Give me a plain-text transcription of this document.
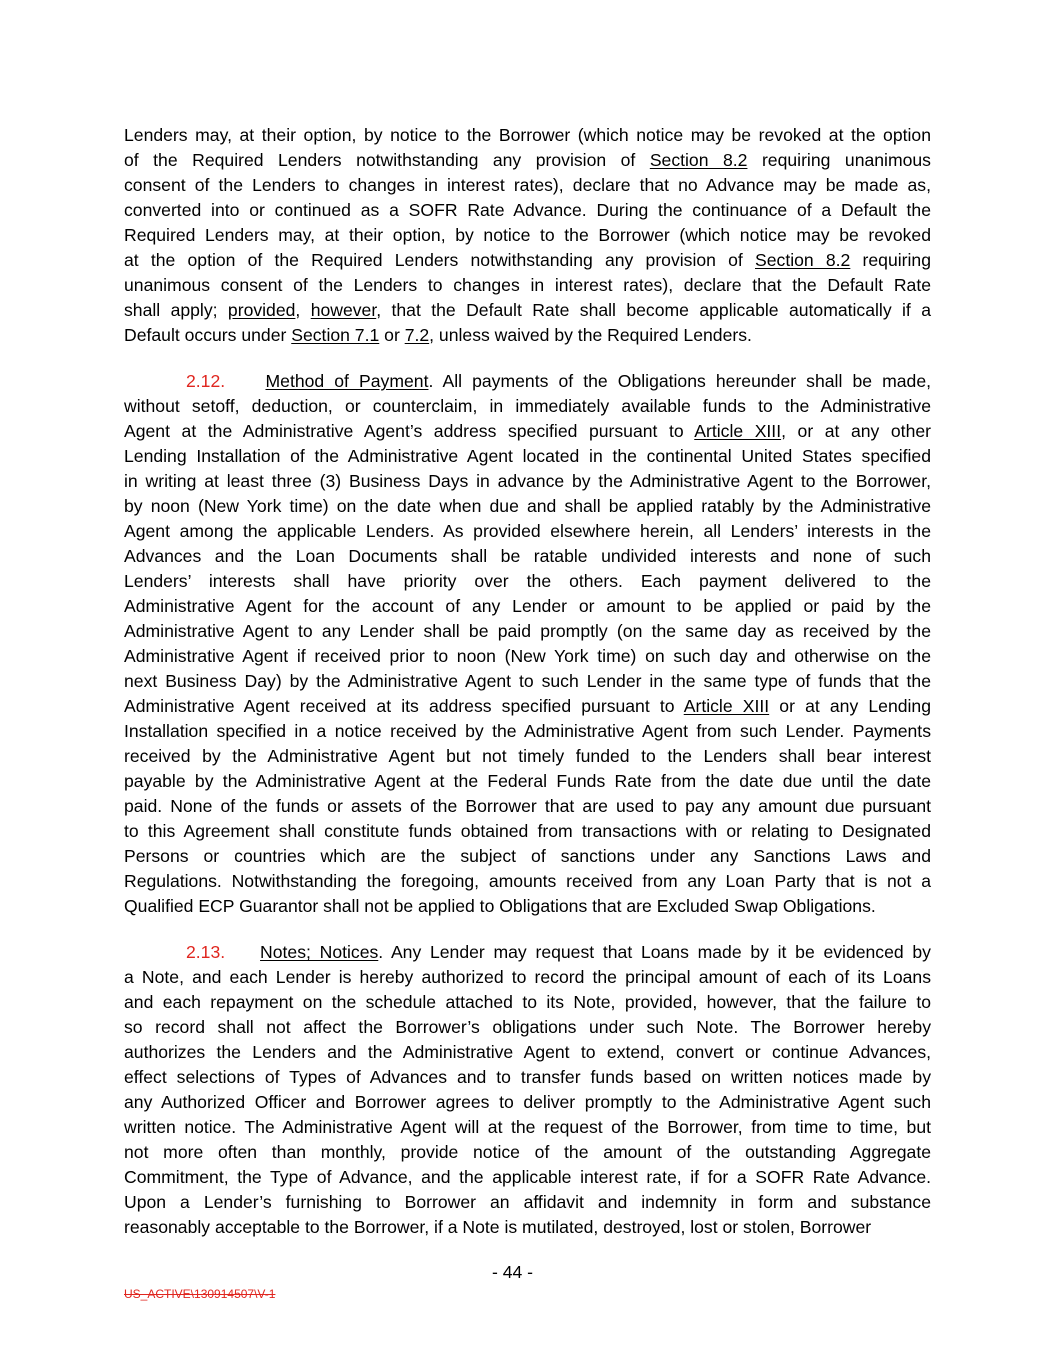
Lenders may, at their option, by notice to the Borrower (which notice may be revoked at the option
of the Required Lenders notwithstanding any provision of Section 8.2 requiring unanimous
consent of the Lenders to changes in interest rates), declare that no Advance may be made as,
converted into or continued as a SOFR Rate Advance. During the continuance of a Default the
Required Lenders may, at their option, by notice to the Borrower (which notice may be revoked
at the option of the Required Lenders notwithstanding any provision of Section 8.2 requiring
unanimous consent of the Lenders to changes in interest rates), declare that the Default Rate
shall apply; provided, however, that the Default Rate shall become applicable automatically if a
Default occurs under Section 7.1 or 7.2, unless waived by the Required Lenders.
2.12. Method of Payment. All payments of the Obligations hereunder shall be made,
without setoff, deduction, or counterclaim, in immediately available funds to the Administrative
Agent at the Administrative Agent’s address specified pursuant to Article XIII, or at any other
Lending Installation of the Administrative Agent located in the continental United States specified
in writing at least three (3) Business Days in advance by the Administrative Agent to the Borrower,
by noon (New York time) on the date when due and shall be applied ratably by the Administrative
Agent among the applicable Lenders. As provided elsewhere herein, all Lenders’ interests in the
Advances and the Loan Documents shall be ratable undivided interests and none of such
Lenders’ interests shall have priority over the others. Each payment delivered to the
Administrative Agent for the account of any Lender or amount to be applied or paid by the
Administrative Agent to any Lender shall be paid promptly (on the same day as received by the
Administrative Agent if received prior to noon (New York time) on such day and otherwise on the
next Business Day) by the Administrative Agent to such Lender in the same type of funds that the
Administrative Agent received at its address specified pursuant to Article XIII or at any Lending
Installation specified in a notice received by the Administrative Agent from such Lender. Payments
received by the Administrative Agent but not timely funded to the Lenders shall bear interest
payable by the Administrative Agent at the Federal Funds Rate from the date due until the date
paid. None of the funds or assets of the Borrower that are used to pay any amount due pursuant
to this Agreement shall constitute funds obtained from transactions with or relating to Designated
Persons or countries which are the subject of sanctions under any Sanctions Laws and
Regulations. Notwithstanding the foregoing, amounts received from any Loan Party that is not a
Qualified ECP Guarantor shall not be applied to Obligations that are Excluded Swap Obligations.
2.13. Notes; Notices. Any Lender may request that Loans made by it be evidenced by
a Note, and each Lender is hereby authorized to record the principal amount of each of its Loans
and each repayment on the schedule attached to its Note, provided, however, that the failure to
so record shall not affect the Borrower’s obligations under such Note. The Borrower hereby
authorizes the Lenders and the Administrative Agent to extend, convert or continue Advances,
effect selections of Types of Advances and to transfer funds based on written notices made by
any Authorized Officer and Borrower agrees to deliver promptly to the Administrative Agent such
written notice. The Administrative Agent will at the request of the Borrower, from time to time, but
not more often than monthly, provide notice of the amount of the outstanding Aggregate
Commitment, the Type of Advance, and the applicable interest rate, if for a SOFR Rate Advance.
Upon a Lender’s furnishing to Borrower an affidavit and indemnity in form and substance
reasonably acceptable to the Borrower, if a Note is mutilated, destroyed, lost or stolen, Borrower
- 44 -
US_ACTIVE\130914507\V-1
